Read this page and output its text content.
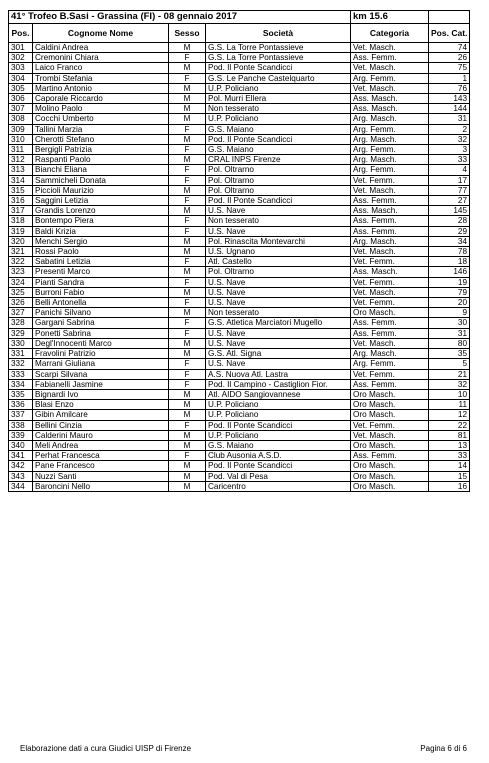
41° Trofeo B.Sasi - Grassina (FI) - 08 gennaio 2017				km 15.6	
Pos.	Cognome Nome	Sesso	Società	Categoria	Pos. Cat.
301	Caldini Andrea	M	G.S. La Torre Pontassieve	Vet. Masch.	74
302	Cremonini Chiara	F	G.S. La Torre Pontassieve	Ass. Femm.	26
303	Laico Franco	M	Pod. Il Ponte Scandicci	Vet. Masch.	75
304	Trombi Stefania	F	G.S. Le Panche Castelquarto	Arg. Femm.	1
305	Martino Antonio	M	U.P. Policiano	Vet. Masch.	76
306	Caporale Riccardo	M	Pol. Murri Ellera	Ass. Masch.	143
307	Molino Paolo	M	Non tesserato	Ass. Masch.	144
308	Cocchi Umberto	M	U.P. Policiano	Arg. Masch.	31
309	Tallini Marzia	F	G.S. Maiano	Arg. Femm.	2
310	Cherotti Stefano	M	Pod. Il Ponte Scandicci	Arg. Masch.	32
311	Bergigli Patrizia	F	G.S. Maiano	Arg. Femm.	3
312	Raspanti Paolo	M	CRAL INPS Firenze	Arg. Masch.	33
313	Bianchi Eliana	F	Pol. Oltrarno	Arg. Femm.	4
314	Sammicheli Donata	F	Pol. Oltrarno	Vet. Femm.	17
315	Piccioli Maurizio	M	Pol. Oltrarno	Vet. Masch.	77
316	Saggini Letizia	F	Pod. Il Ponte Scandicci	Ass. Femm.	27
317	Grandis Lorenzo	M	U.S. Nave	Ass. Masch.	145
318	Bontempo Piera	F	Non tesserato	Ass. Femm.	28
319	Baldi Krizia	F	U.S. Nave	Ass. Femm.	29
320	Menchi Sergio	M	Pol. Rinascita Montevarchi	Arg. Masch.	34
321	Rossi Paolo	M	U.S. Ugnano	Vet. Masch.	78
322	Sabatini Letizia	F	Atl. Castello	Vet. Femm.	18
323	Presenti Marco	M	Pol. Oltrarno	Ass. Masch.	146
324	Pianti Sandra	F	U.S. Nave	Vet. Femm.	19
325	Burroni Fabio	M	U.S. Nave	Vet. Masch.	79
326	Belli Antonella	F	U.S. Nave	Vet. Femm.	20
327	Panichi Silvano	M	Non tesserato	Oro Masch.	9
328	Gargani Sabrina	F	G.S. Atletica Marciatori Mugello	Ass. Femm.	30
329	Ponetti Sabrina	F	U.S. Nave	Ass. Femm.	31
330	Degl'Innocenti Marco	M	U.S. Nave	Vet. Masch.	80
331	Fravolini Patrizio	M	G.S. Atl. Signa	Arg. Masch.	35
332	Marrani Giuliana	F	U.S. Nave	Arg. Femm.	5
333	Scarpi Silvana	F	A.S. Nuova Atl. Lastra	Vet. Femm.	21
334	Fabianelli Jasmine	F	Pod. Il Campino - Castiglion Fior.	Ass. Femm.	32
335	Bignardi Ivo	M	Atl. AIDO Sangiovannese	Oro Masch.	10
336	Blasi Enzo	M	U.P. Policiano	Oro Masch.	11
337	Gibin Amilcare	M	U.P. Policiano	Oro Masch.	12
338	Bellini Cinzia	F	Pod. Il Ponte Scandicci	Vet. Femm.	22
339	Calderini Mauro	M	U.P. Policiano	Vet. Masch.	81
340	Meli Andrea	M	G.S. Maiano	Oro Masch.	13
341	Perhat Francesca	F	Club Ausonia A.S.D.	Ass. Femm.	33
342	Pane Francesco	M	Pod. Il Ponte Scandicci	Oro Masch.	14
343	Nuzzi Santi	M	Pod. Val di Pesa	Oro Masch.	15
344	Baroncini Nello	M	Caricentro	Oro Masch.	16
Elaborazione dati a cura Giudici UISP di Firenze	Pagina 6 di 6
